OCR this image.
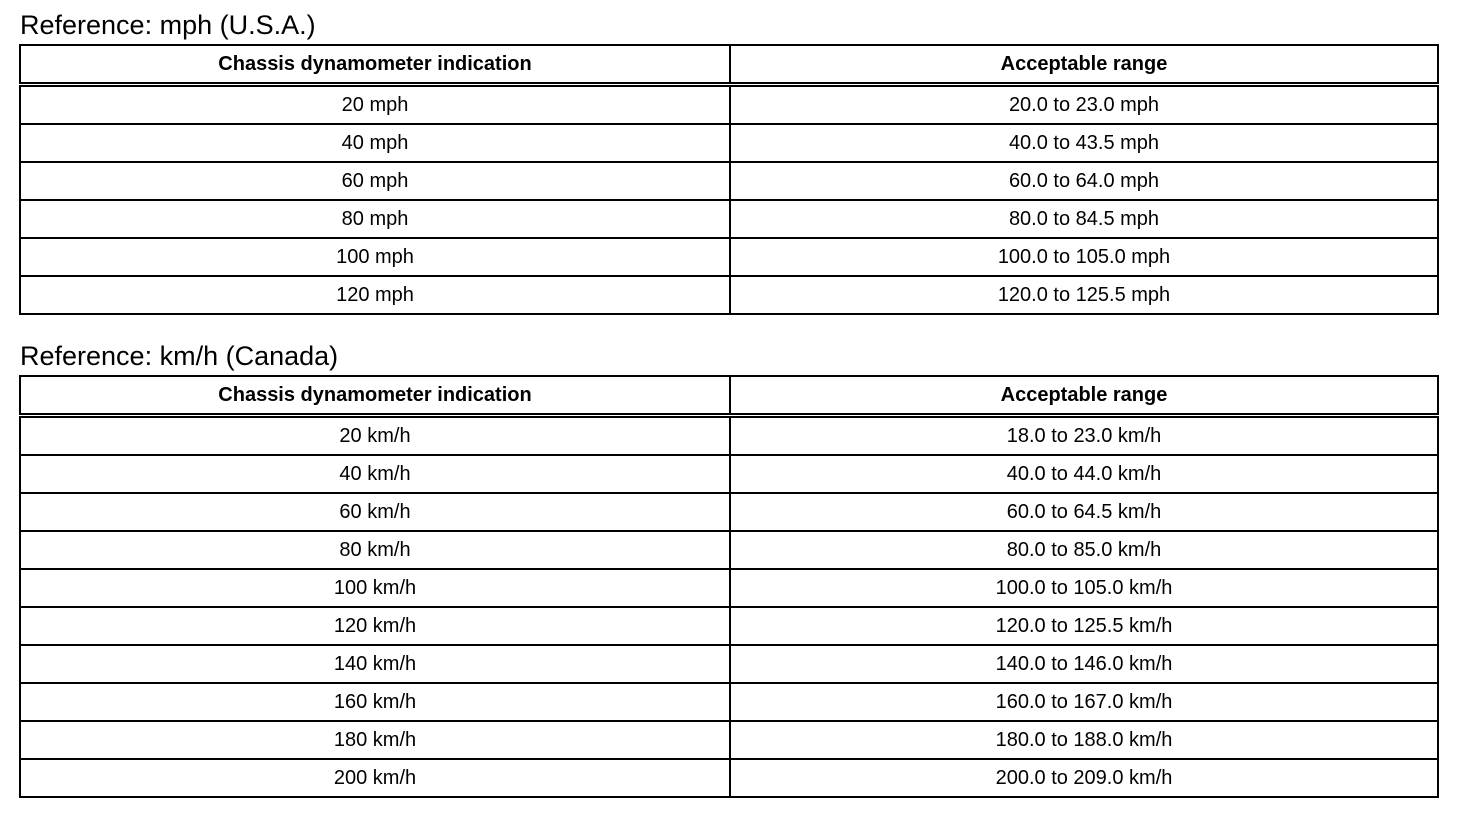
Reference: mph (U.S.A.)
Chassis dynamometer indication	Acceptable range
20 mph	20.0 to 23.0 mph
40 mph	40.0 to 43.5 mph
60 mph	60.0 to 64.0 mph
80 mph	80.0 to 84.5 mph
100 mph	100.0 to 105.0 mph
120 mph	120.0 to 125.5 mph
Reference: km/h (Canada)
Chassis dynamometer indication	Acceptable range
20 km/h	18.0 to 23.0 km/h
40 km/h	40.0 to 44.0 km/h
60 km/h	60.0 to 64.5 km/h
80 km/h	80.0 to 85.0 km/h
100 km/h	100.0 to 105.0 km/h
120 km/h	120.0 to 125.5 km/h
140 km/h	140.0 to 146.0 km/h
160 km/h	160.0 to 167.0 km/h
180 km/h	180.0 to 188.0 km/h
200 km/h	200.0 to 209.0 km/h
